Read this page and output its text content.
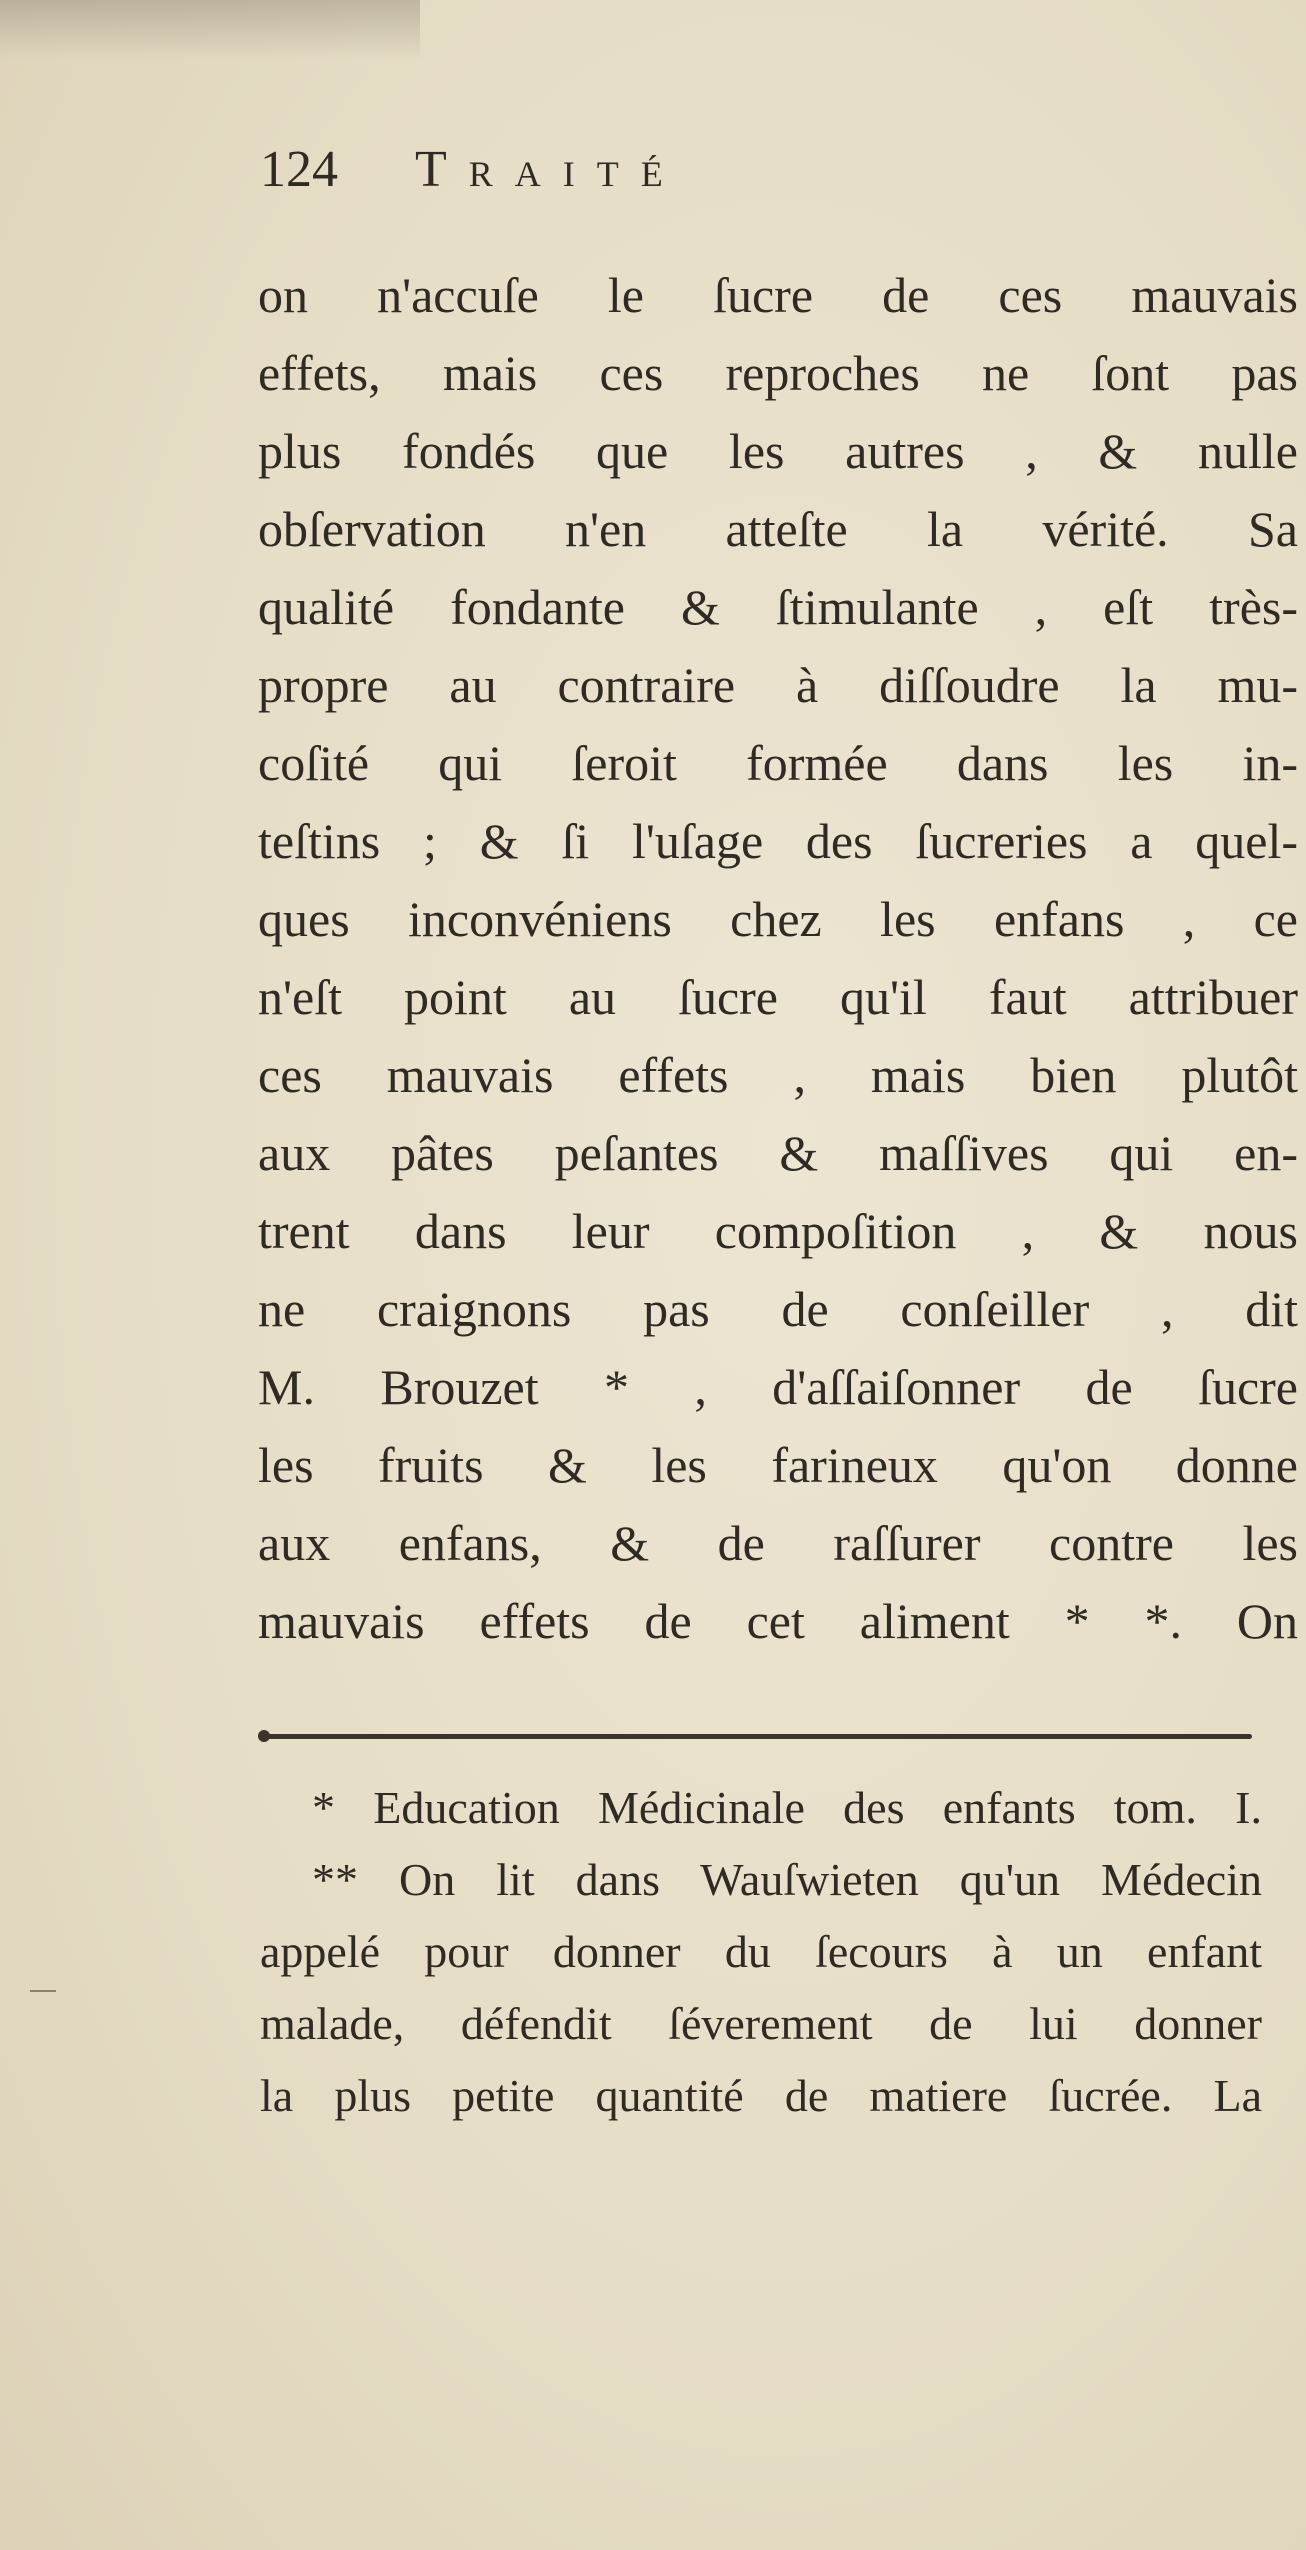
124 Traité
on n'accuſe le ſucre de ces mauvais
effets, mais ces reproches ne ſont pas
plus fondés que les autres , & nulle
obſervation n'en atteſte la vérité. Sa
qualité fondante & ſtimulante , eſt très-
propre au contraire à diſſoudre la mu-
coſité qui ſeroit formée dans les in-
teſtins ; & ſi l'uſage des ſucreries a quel-
ques inconvéniens chez les enfans , ce
n'eſt point au ſucre qu'il faut attribuer
ces mauvais effets , mais bien plutôt
aux pâtes peſantes & maſſives qui en-
trent dans leur compoſition , & nous
ne craignons pas de conſeiller , dit
M. Brouzet * , d'aſſaiſonner de ſucre
les fruits & les farineux qu'on donne
aux enfans, & de raſſurer contre les
mauvais effets de cet aliment * *. On
* Education Médicinale des enfants tom. I.
** On lit dans Wauſwieten qu'un Médecin
appelé pour donner du ſecours à un enfant
malade, défendit ſéverement de lui donner
la plus petite quantité de matiere ſucrée. La
